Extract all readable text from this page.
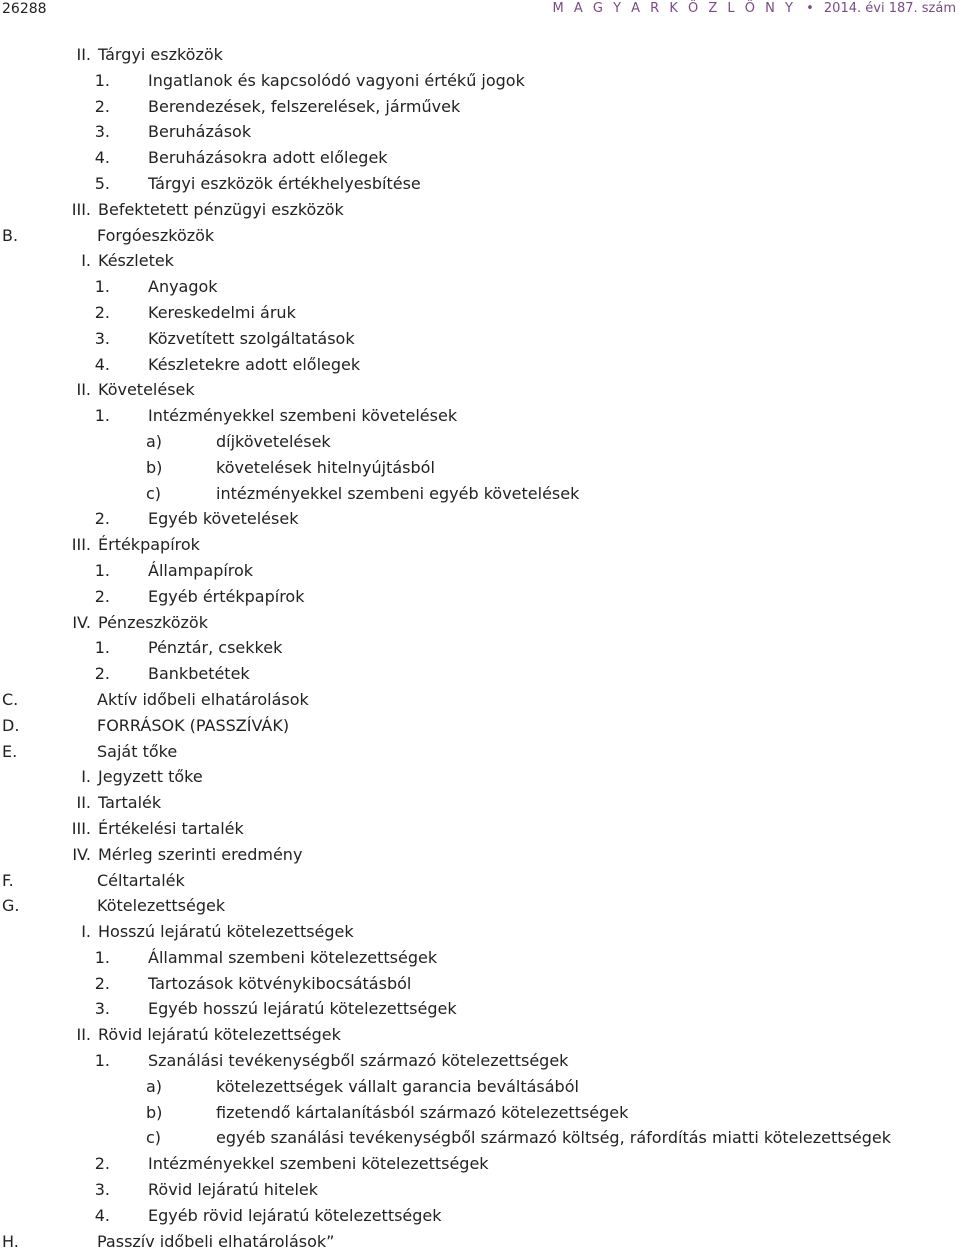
26288	M A G Y A R K Ö Z L Ö N Y • 2014. évi 187. szám
II. Tárgyi eszközök
1. Ingatlanok és kapcsolódó vagyoni értékű jogok
2. Berendezések, felszerelések, járművek
3. Beruházások
4. Beruházásokra adott előlegek
5. Tárgyi eszközök értékhelyesbítése
III. Befektetett pénzügyi eszközök
B.	Forgóeszközök
I. Készletek
1. Anyagok
2. Kereskedelmi áruk
3. Közvetített szolgáltatások
4. Készletekre adott előlegek
II. Követelések
1. Intézményekkel szembeni követelések
a)	díjkövetelések
b)	követelések hitelnyújtásból
c)	intézményekkel szembeni egyéb követelések
2. Egyéb követelések
III. Értékpapírok
1. Állampapírok
2. Egyéb értékpapírok
IV. Pénzeszközök
1. Pénztár, csekkek
2. Bankbetétek
C.	Aktív időbeli elhatárolások
D.	FORRÁSOK (PASSZÍVÁK)
E.	Saját tőke
I. Jegyzett tőke
II. Tartalék
III. Értékelési tartalék
IV. Mérleg szerinti eredmény
F.	Céltartalék
G.	Kötelezettségek
I. Hosszú lejáratú kötelezettségek
1. Állammal szembeni kötelezettségek
2. Tartozások kötvénykibocsátásból
3. Egyéb hosszú lejáratú kötelezettségek
II. Rövid lejáratú kötelezettségek
1. Szanálási tevékenységből származó kötelezettségek
a)	kötelezettségek vállalt garancia beváltásából
b)	fizetendő kártalanításból származó kötelezettségek
c)	egyéb szanálási tevékenységből származó költség, ráfordítás miatti kötelezettségek
2. Intézményekkel szembeni kötelezettségek
3. Rövid lejáratú hitelek
4. Egyéb rövid lejáratú kötelezettségek
H.	Passzív időbeli elhatárolások”
